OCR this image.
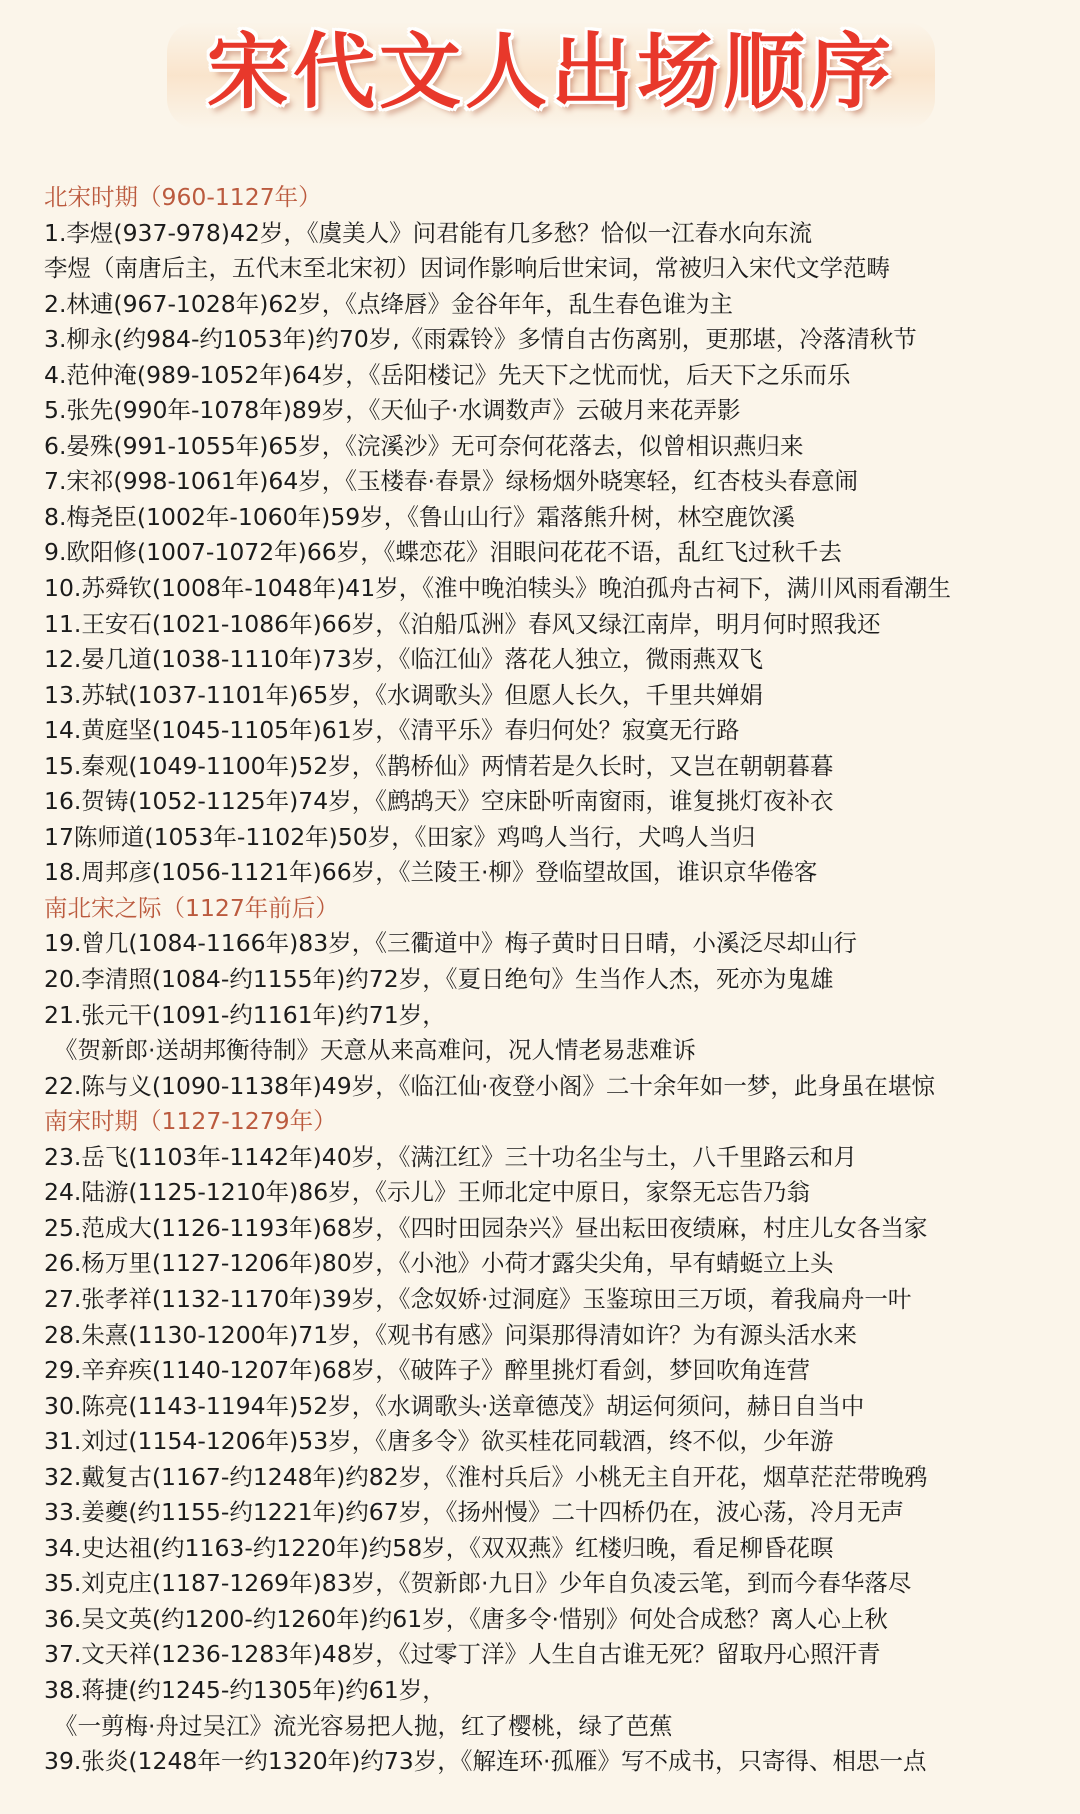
宋代文人出场顺序
北宋时期（960-1127年）
1.李煜(937-978)42岁，《虞美人》问君能有几多愁？恰似一江春水向东流
李煜（南唐后主，五代末至北宋初）因词作影响后世宋词，常被归入宋代文学范畴
2.林逋(967-1028年)62岁，《点绛唇》金谷年年，乱生春色谁为主
3.柳永(约984-约1053年)约70岁,《雨霖铃》多情自古伤离别，更那堪，冷落清秋节
4.范仲淹(989-1052年)64岁，《岳阳楼记》先天下之忧而忧，后天下之乐而乐
5.张先(990年-1078年)89岁，《天仙子·水调数声》云破月来花弄影
6.晏殊(991-1055年)65岁，《浣溪沙》无可奈何花落去，似曾相识燕归来
7.宋祁(998-1061年)64岁，《玉楼春·春景》绿杨烟外晓寒轻，红杏枝头春意闹
8.梅尧臣(1002年-1060年)59岁，《鲁山山行》霜落熊升树，林空鹿饮溪
9.欧阳修(1007-1072年)66岁，《蝶恋花》泪眼问花花不语，乱红飞过秋千去
10.苏舜钦(1008年-1048年)41岁，《淮中晚泊犊头》晚泊孤舟古祠下，满川风雨看潮生
11.王安石(1021-1086年)66岁，《泊船瓜洲》春风又绿江南岸，明月何时照我还
12.晏几道(1038-1110年)73岁，《临江仙》落花人独立，微雨燕双飞
13.苏轼(1037-1101年)65岁，《水调歌头》但愿人长久，千里共婵娟
14.黄庭坚(1045-1105年)61岁，《清平乐》春归何处？寂寞无行路
15.秦观(1049-1100年)52岁，《鹊桥仙》两情若是久长时，又岂在朝朝暮暮
16.贺铸(1052-1125年)74岁，《鹧鸪天》空床卧听南窗雨，谁复挑灯夜补衣
17陈师道(1053年-1102年)50岁，《田家》鸡鸣人当行，犬鸣人当归
18.周邦彦(1056-1121年)66岁，《兰陵王·柳》登临望故国，谁识京华倦客
南北宋之际（1127年前后）
19.曾几(1084-1166年)83岁，《三衢道中》梅子黄时日日晴，小溪泛尽却山行
20.李清照(1084-约1155年)约72岁，《夏日绝句》生当作人杰，死亦为鬼雄
21.张元干(1091-约1161年)约71岁，
《贺新郎·送胡邦衡待制》天意从来高难问，况人情老易悲难诉
22.陈与义(1090-1138年)49岁，《临江仙·夜登小阁》二十余年如一梦，此身虽在堪惊
南宋时期（1127-1279年）
23.岳飞(1103年-1142年)40岁，《满江红》三十功名尘与土，八千里路云和月
24.陆游(1125-1210年)86岁，《示儿》王师北定中原日，家祭无忘告乃翁
25.范成大(1126-1193年)68岁，《四时田园杂兴》昼出耘田夜绩麻，村庄儿女各当家
26.杨万里(1127-1206年)80岁，《小池》小荷才露尖尖角，早有蜻蜓立上头
27.张孝祥(1132-1170年)39岁，《念奴娇·过洞庭》玉鉴琼田三万顷，着我扁舟一叶
28.朱熹(1130-1200年)71岁，《观书有感》问渠那得清如许？为有源头活水来
29.辛弃疾(1140-1207年)68岁，《破阵子》醉里挑灯看剑，梦回吹角连营
30.陈亮(1143-1194年)52岁，《水调歌头·送章德茂》胡运何须问，赫日自当中
31.刘过(1154-1206年)53岁，《唐多令》欲买桂花同载酒，终不似，少年游
32.戴复古(1167-约1248年)约82岁，《淮村兵后》小桃无主自开花，烟草茫茫带晚鸦
33.姜夔(约1155-约1221年)约67岁，《扬州慢》二十四桥仍在，波心荡，冷月无声
34.史达祖(约1163-约1220年)约58岁，《双双燕》红楼归晚，看足柳昏花暝
35.刘克庄(1187-1269年)83岁，《贺新郎·九日》少年自负凌云笔，到而今春华落尽
36.吴文英(约1200-约1260年)约61岁，《唐多令·惜别》何处合成愁？离人心上秋
37.文天祥(1236-1283年)48岁，《过零丁洋》人生自古谁无死？留取丹心照汗青
38.蒋捷(约1245-约1305年)约61岁，
《一剪梅·舟过吴江》流光容易把人抛，红了樱桃，绿了芭蕉
39.张炎(1248年一约1320年)约73岁，《解连环·孤雁》写不成书，只寄得、相思一点
